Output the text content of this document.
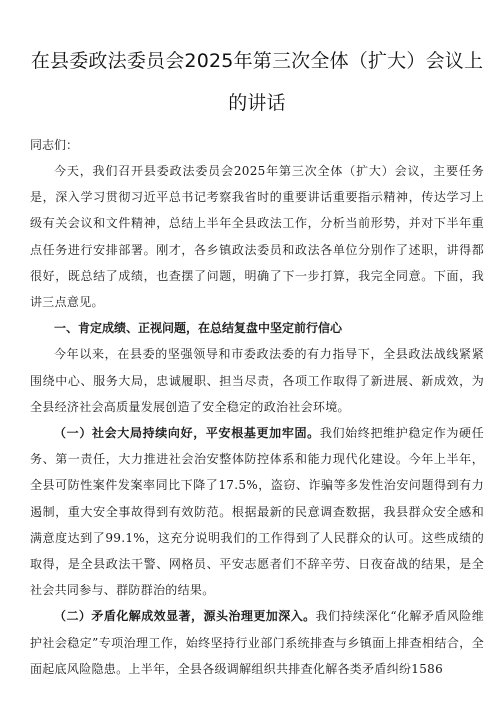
在县委政法委员会2025年第三次全体（扩大）会议上
的讲话

同志们：

今天，我们召开县委政法委员会2025年第三次全体（扩大）会议，主要任务是，深入学习贯彻习近平总书记考察我省时的重要讲话重要指示精神，传达学习上级有关会议和文件精神，总结上半年全县政法工作，分析当前形势，并对下半年重点任务进行安排部署。刚才，各乡镇政法委员和政法各单位分别作了述职，讲得都很好，既总结了成绩，也查摆了问题，明确了下一步打算，我完全同意。下面，我讲三点意见。

一、肯定成绩、正视问题，在总结复盘中坚定前行信心

今年以来，在县委的坚强领导和市委政法委的有力指导下，全县政法战线紧紧围绕中心、服务大局，忠诚履职、担当尽责，各项工作取得了新进展、新成效，为全县经济社会高质量发展创造了安全稳定的政治社会环境。

（一）社会大局持续向好，平安根基更加牢固。我们始终把维护稳定作为硬任务、第一责任，大力推进社会治安整体防控体系和能力现代化建设。今年上半年，全县可防性案件发案率同比下降了17.5%，盗窃、诈骗等多发性治安问题得到有力遏制，重大安全事故得到有效防范。根据最新的民意调查数据，我县群众安全感和满意度达到了99.1%，这充分说明我们的工作得到了人民群众的认可。这些成绩的取得，是全县政法干警、网格员、平安志愿者们不辞辛劳、日夜奋战的结果，是全社会共同参与、群防群治的结果。

（二）矛盾化解成效显著，源头治理更加深入。我们持续深化“化解矛盾风险维护社会稳定”专项治理工作，始终坚持行业部门系统排查与乡镇面上排查相结合，全面起底风险隐患。上半年，全县各级调解组织共排查化解各类矛盾纠纷1586
